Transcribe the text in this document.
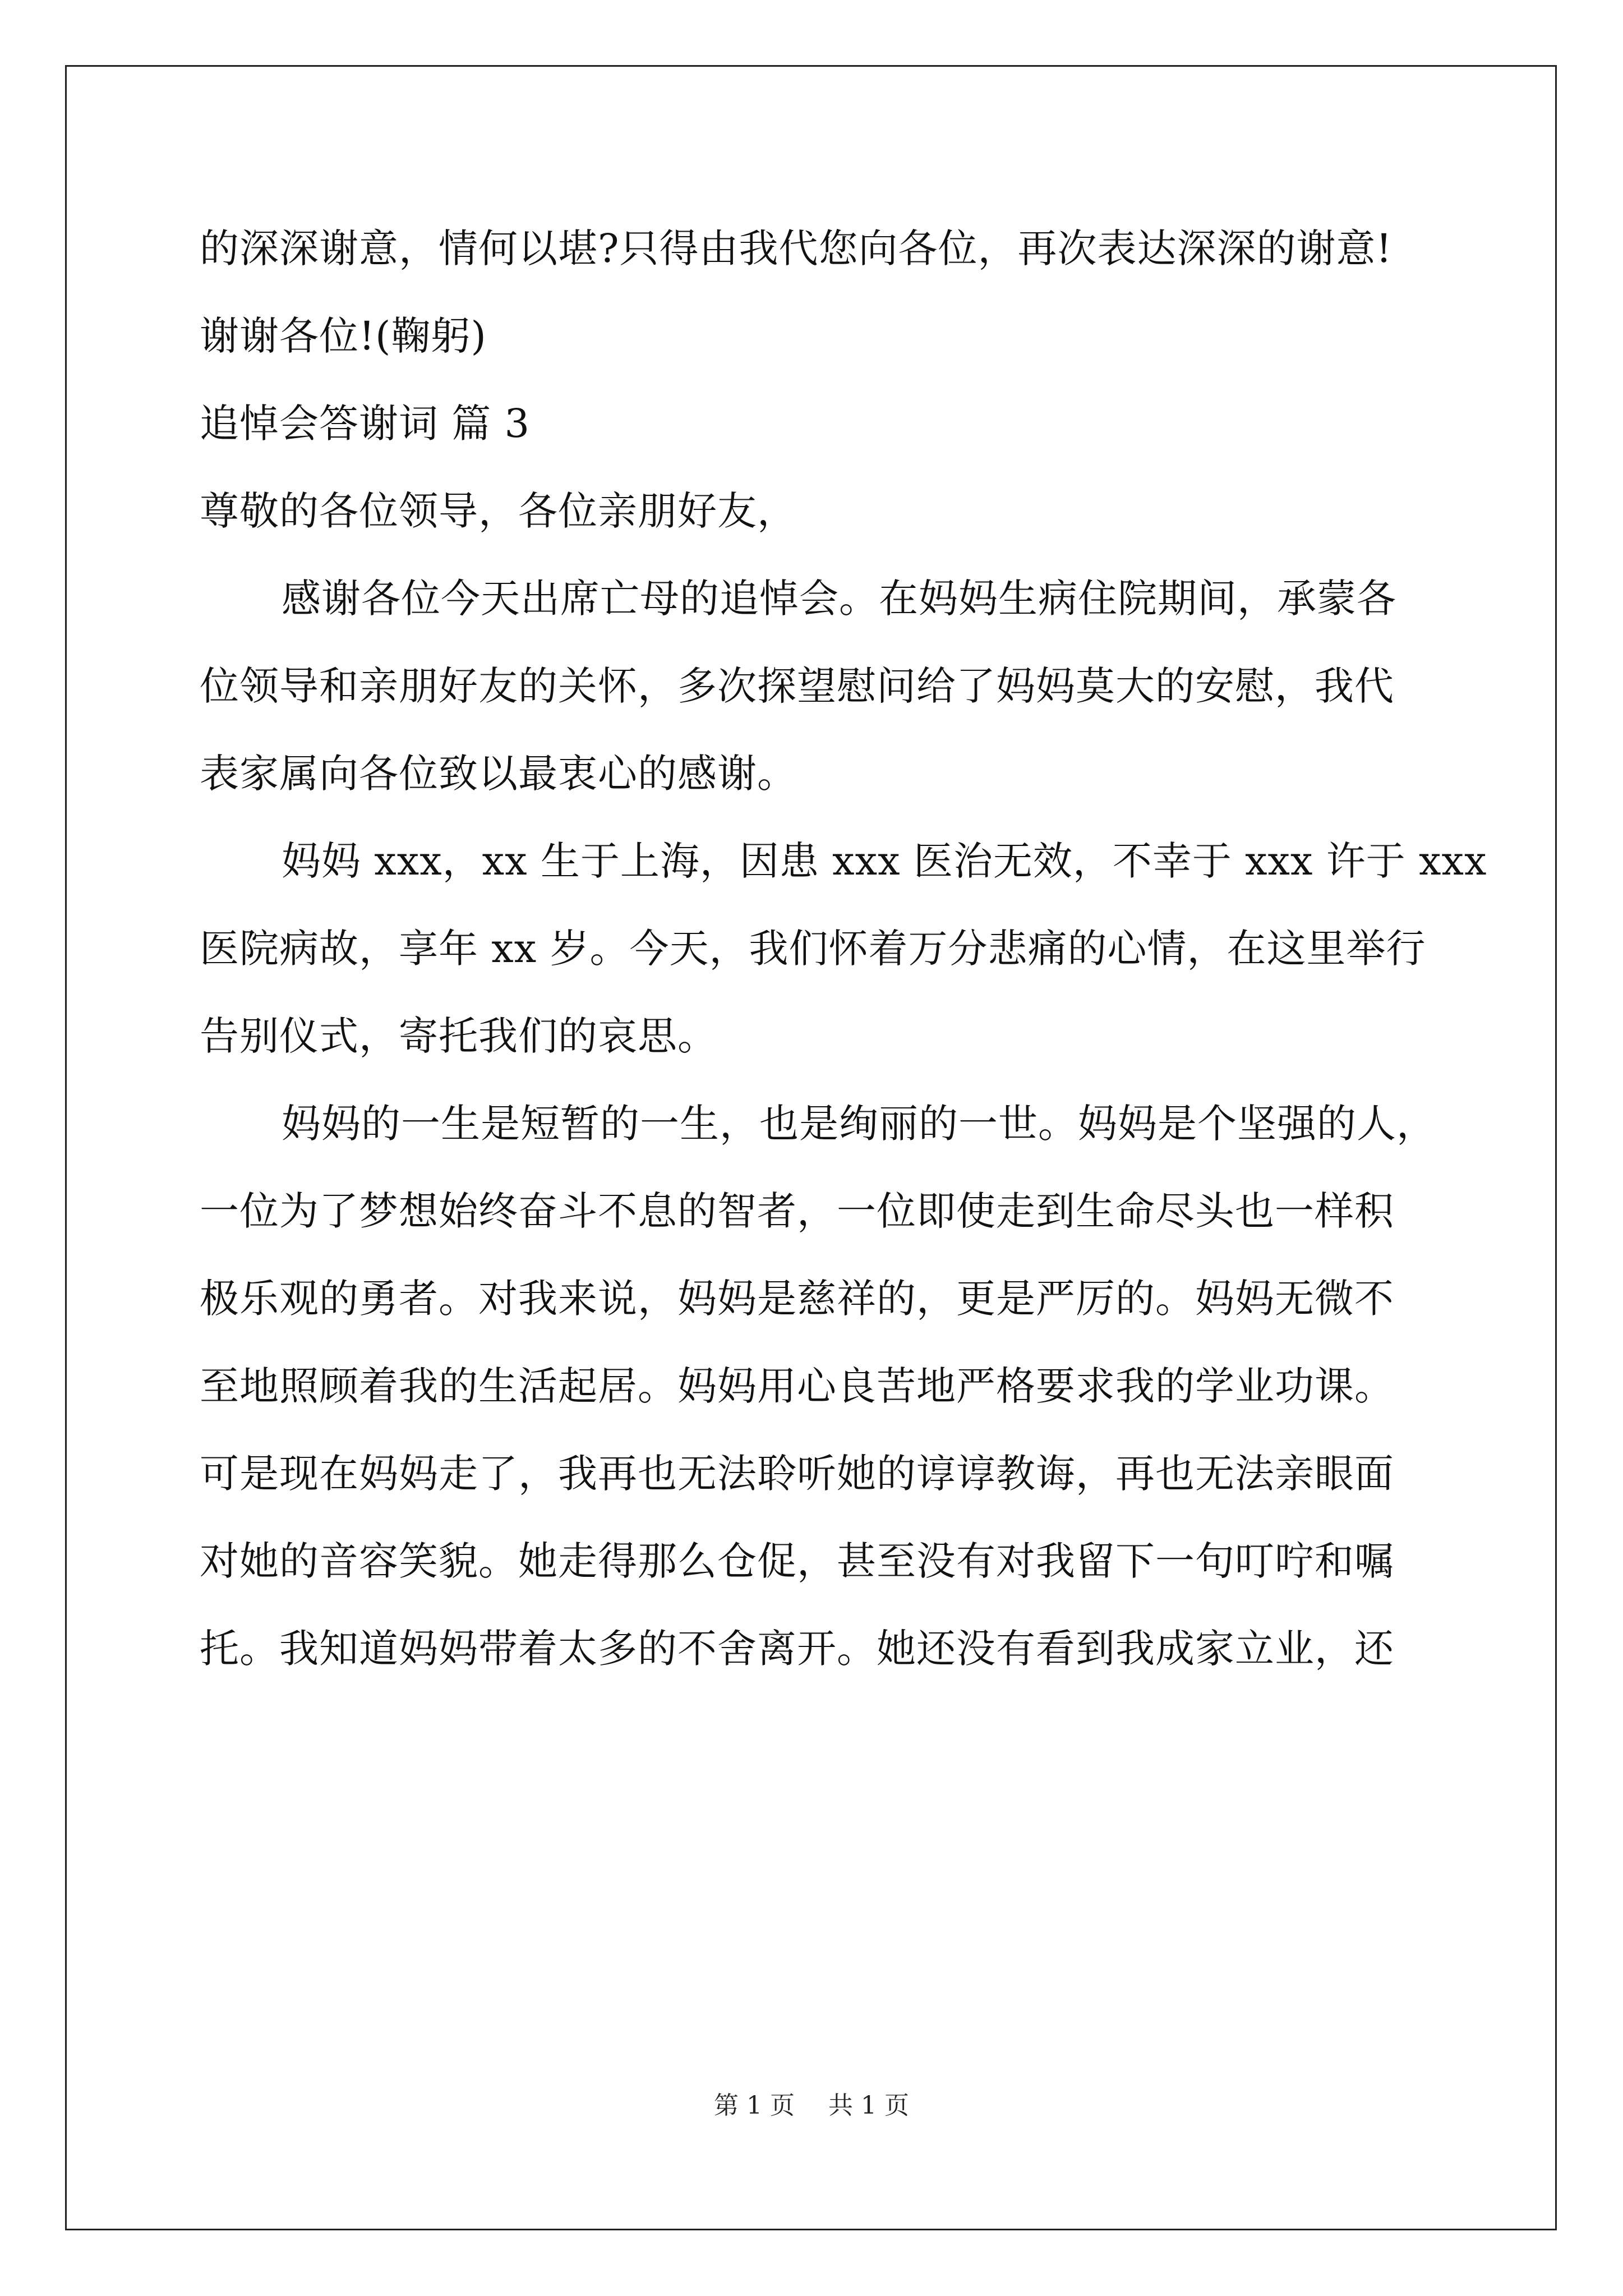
的深深谢意，情何以堪?只得由我代您向各位，再次表达深深的谢意!
谢谢各位!(鞠躬)
追悼会答谢词 篇 3
尊敬的各位领导，各位亲朋好友，
感谢各位今天出席亡母的追悼会。在妈妈生病住院期间，承蒙各
位领导和亲朋好友的关怀，多次探望慰问给了妈妈莫大的安慰，我代
表家属向各位致以最衷心的感谢。
妈妈 xxx，xx 生于上海，因患 xxx 医治无效，不幸于 xxx 许于 xxx
医院病故，享年 xx 岁。今天，我们怀着万分悲痛的心情，在这里举行
告别仪式，寄托我们的哀思。
妈妈的一生是短暂的一生，也是绚丽的一世。妈妈是个坚强的人，
一位为了梦想始终奋斗不息的智者，一位即使走到生命尽头也一样积
极乐观的勇者。对我来说，妈妈是慈祥的，更是严厉的。妈妈无微不
至地照顾着我的生活起居。妈妈用心良苦地严格要求我的学业功课。
可是现在妈妈走了，我再也无法聆听她的谆谆教诲，再也无法亲眼面
对她的音容笑貌。她走得那么仓促，甚至没有对我留下一句叮咛和嘱
托。我知道妈妈带着太多的不舍离开。她还没有看到我成家立业，还
第 1 页 共 1 页
